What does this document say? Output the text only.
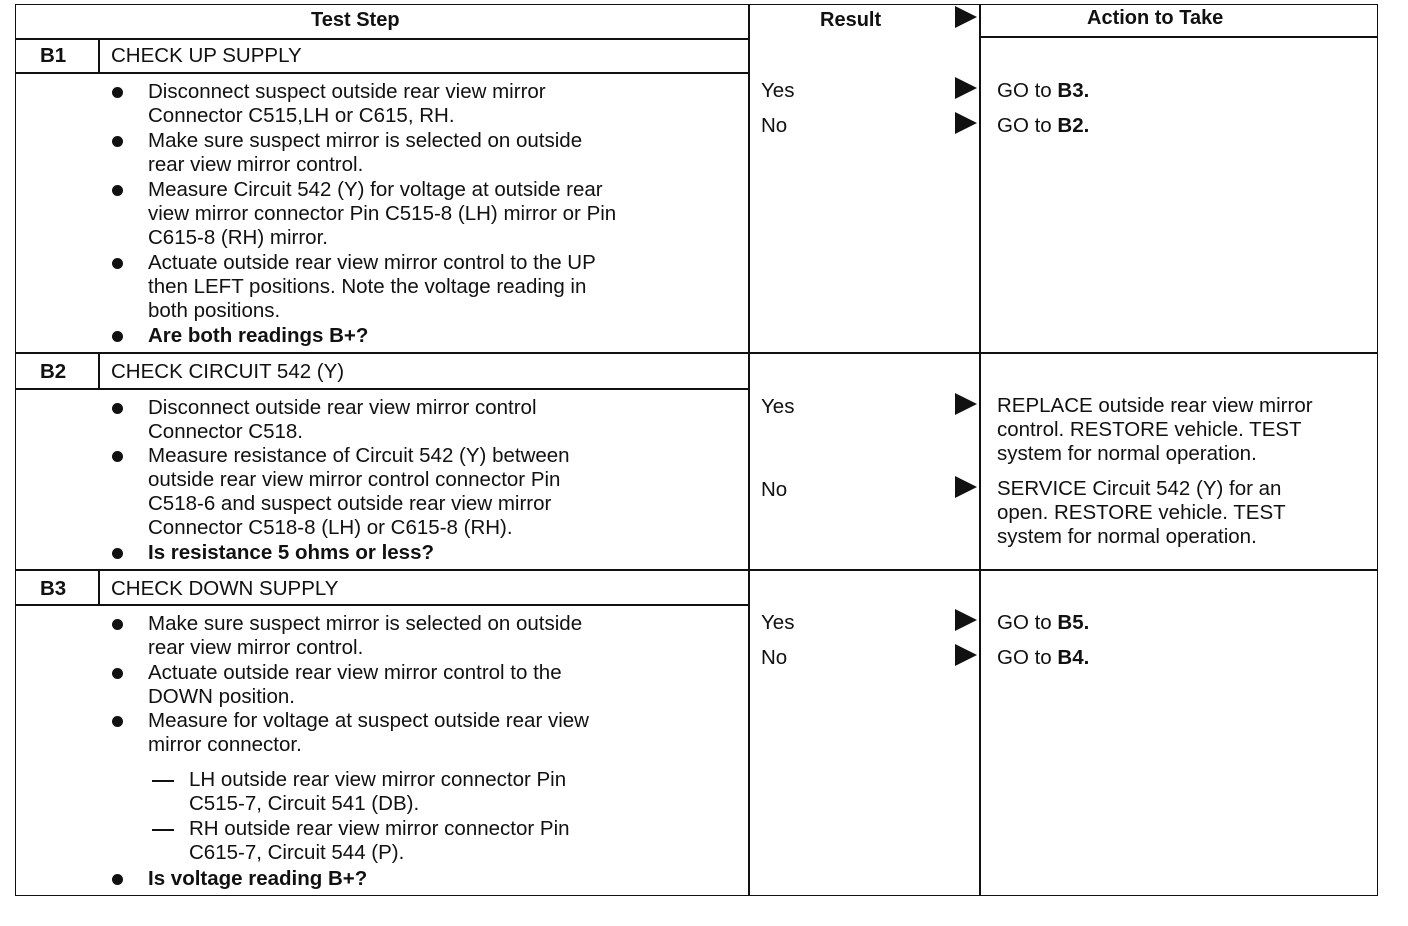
Test Step	Result	Action to Take
B1 CHECK UP SUPPLY
Disconnect suspect outside rear view mirror
Connector C515,LH or C615, RH.
Make sure suspect mirror is selected on outside
rear view mirror control.
Measure Circuit 542 (Y) for voltage at outside rear
view mirror connector Pin C515-8 (LH) mirror or Pin
C615-8 (RH) mirror.
Actuate outside rear view mirror control to the UP
then LEFT positions. Note the voltage reading in
both positions.
Are both readings B+?
Yes	GO to B3.
No	GO to B2.
B2 CHECK CIRCUIT 542 (Y)
Disconnect outside rear view mirror control
Connector C518.
Measure resistance of Circuit 542 (Y) between
outside rear view mirror control connector Pin
C518-6 and suspect outside rear view mirror
Connector C518-8 (LH) or C615-8 (RH).
Is resistance 5 ohms or less?
Yes	REPLACE outside rear view mirror
control. RESTORE vehicle. TEST
system for normal operation.
No	SERVICE Circuit 542 (Y) for an
open. RESTORE vehicle. TEST
system for normal operation.
B3 CHECK DOWN SUPPLY
Make sure suspect mirror is selected on outside
rear view mirror control.
Actuate outside rear view mirror control to the
DOWN position.
Measure for voltage at suspect outside rear view
mirror connector.
LH outside rear view mirror connector Pin
C515-7, Circuit 541 (DB).
RH outside rear view mirror connector Pin
C615-7, Circuit 544 (P).
Is voltage reading B+?
Yes	GO to B5.
No	GO to B4.
